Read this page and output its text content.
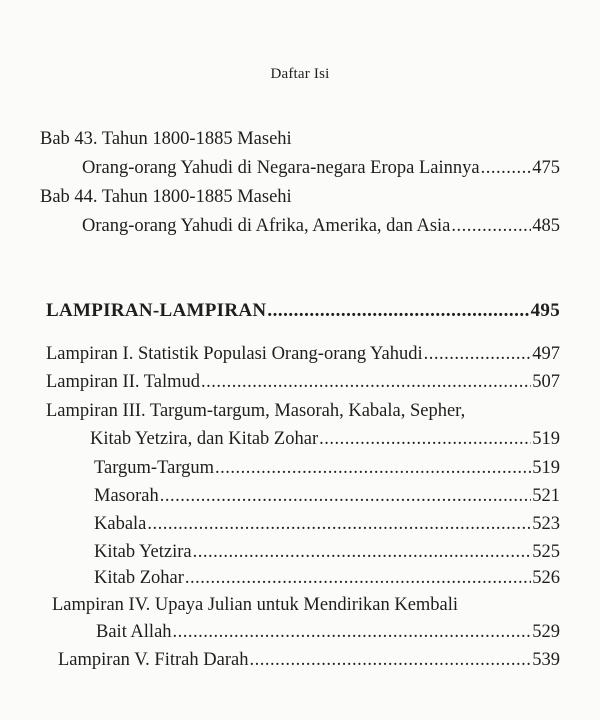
Daftar Isi
Bab 43. Tahun 1800-1885 Masehi
Orang-orang Yahudi di Negara-negara Eropa Lainnya .....	475
Bab 44. Tahun 1800-1885 Masehi
Orang-orang Yahudi di Afrika, Amerika, dan Asia .....	485
LAMPIRAN-LAMPIRAN .....	495
Lampiran I. Statistik Populasi Orang-orang Yahudi .....	497
Lampiran II. Talmud .....	507
Lampiran III. Targum-targum, Masorah, Kabala, Sepher,
Kitab Yetzira, dan Kitab Zohar .....	519
Targum-Targum .....	519
Masorah .....	521
Kabala .....	523
Kitab Yetzira .....	525
Kitab Zohar .....	526
Lampiran IV. Upaya Julian untuk Mendirikan Kembali
Bait Allah .....	529
Lampiran V. Fitrah Darah .....	539
